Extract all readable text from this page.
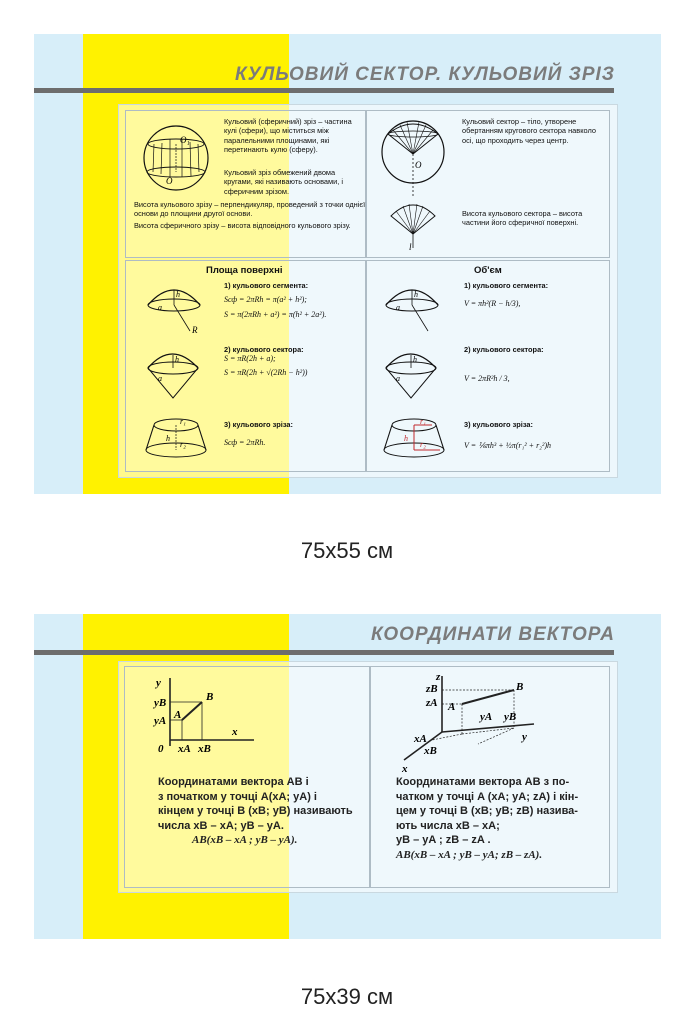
КУЛЬОВИЙ СЕКТОР. КУЛЬОВИЙ ЗРІЗ
O₁
O
Кульовий (сферичний) зріз – частина кулі (сфери), що міститься між паралельними площинами, які перетинають кулю (сферу).
Кульовий зріз обмежений двома кругами, які називають основами, і сферичним зрізом.
Висота кульового зрізу – перпендикуляр, проведений з точки однієї основи до площини другої основи.
Висота сферичного зрізу – висота відповідного кульового зрізу.
O
l
Кульовий сектор – тіло, утворене обертанням кругового сектора навколо осі, що проходить через центр.
Висота кульового сектора – висота частини його сферичної поверхні.
Площа поверхні
h
a
R
1) кульового сегмента:
Sсф = 2πRh = π(a² + h²);
S = π(2πRh + a²) = π(h² + 2a²).
h
a
2) кульового сектора:
S = πR(2h + a);
S = πR(2h + √(2Rh − h²))
r₁
r₂
h
3) кульового зріза:
Sсф = 2πRh.
Об'єм
h
a
1) кульового сегмента:
V = πh²(R − h/3),
h
a
2) кульового сектора:
V = 2πR²h / 3,
r₁
r₂
h
3) кульового зріза:
V = ⅙πh³ + ½π(r₁² + r₂²)h
75х55 см
КООРДИНАТИ ВЕКТОРА
y
x
0
yB
yA
xA xB
B
A
Координатами вектора AB і
з початком у точці A(xA; yA) і
кінцем у точці B (xB; yB) називають
числа xB – xA; yB – yA.
AB(xB – xA ; yB – yA).
z
y
x
zB
zA
yA yB
xA
xB
A
B
Координатами вектора AB з по-
чатком у точці A (xA; yA; zA) і кін-
цем у точці B (xB; yB; zB) назива-
ють числа xB – xA;
yB – yA ; zB – zA .
AB(xB – xA ; yB – yA; zB – zA).
75х39 см
